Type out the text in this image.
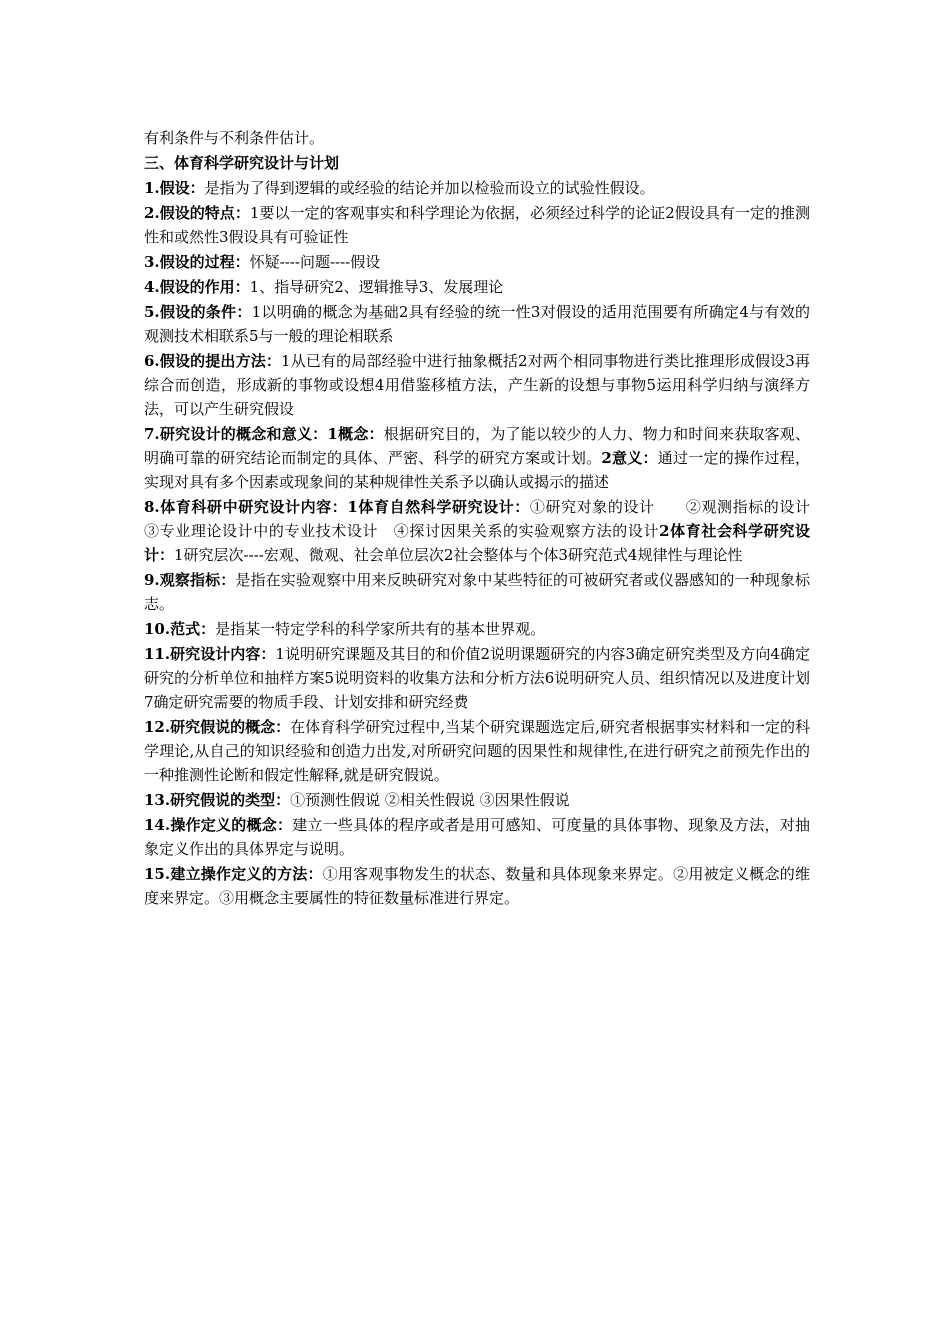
有利条件与不利条件估计。

三、体育科学研究设计与计划

1.假设：是指为了得到逻辑的或经验的结论并加以检验而设立的试验性假设。

2.假设的特点：1要以一定的客观事实和科学理论为依据，必须经过科学的论证2假设具有一定的推测性和或然性3假设具有可验证性

3.假设的过程：怀疑----问题----假设

4.假设的作用：1、指导研究2、逻辑推导3、发展理论

5.假设的条件：1以明确的概念为基础2具有经验的统一性3对假设的适用范围要有所确定4与有效的观测技术相联系5与一般的理论相联系

6.假设的提出方法：1从已有的局部经验中进行抽象概括2对两个相同事物进行类比推理形成假设3再综合而创造，形成新的事物或设想4用借鉴移植方法，产生新的设想与事物5运用科学归纳与演绎方法，可以产生研究假设

7.研究设计的概念和意义：1概念：根据研究目的，为了能以较少的人力、物力和时间来获取客观、明确可靠的研究结论而制定的具体、严密、科学的研究方案或计划。2意义：通过一定的操作过程，实现对具有多个因素或现象间的某种规律性关系予以确认或揭示的描述

8.体育科研中研究设计内容：1体育自然科学研究设计：①研究对象的设计　　②观测指标的设计　③专业理论设计中的专业技术设计　④探讨因果关系的实验观察方法的设计2体育社会科学研究设计：1研究层次----宏观、微观、社会单位层次2社会整体与个体3研究范式4规律性与理论性

9.观察指标：是指在实验观察中用来反映研究对象中某些特征的可被研究者或仪器感知的一种现象标志。

10.范式：是指某一特定学科的科学家所共有的基本世界观。

11.研究设计内容：1说明研究课题及其目的和价值2说明课题研究的内容3确定研究类型及方向4确定研究的分析单位和抽样方案5说明资料的收集方法和分析方法6说明研究人员、组织情况以及进度计划7确定研究需要的物质手段、计划安排和研究经费

12.研究假说的概念：在体育科学研究过程中,当某个研究课题选定后,研究者根据事实材料和一定的科学理论,从自己的知识经验和创造力出发,对所研究问题的因果性和规律性,在进行研究之前预先作出的一种推测性论断和假定性解释,就是研究假说。

13.研究假说的类型：①预测性假说 ②相关性假说 ③因果性假说

14.操作定义的概念：建立一些具体的程序或者是用可感知、可度量的具体事物、现象及方法，对抽象定义作出的具体界定与说明。

15.建立操作定义的方法：①用客观事物发生的状态、数量和具体现象来界定。②用被定义概念的维度来界定。③用概念主要属性的特征数量标准进行界定。
